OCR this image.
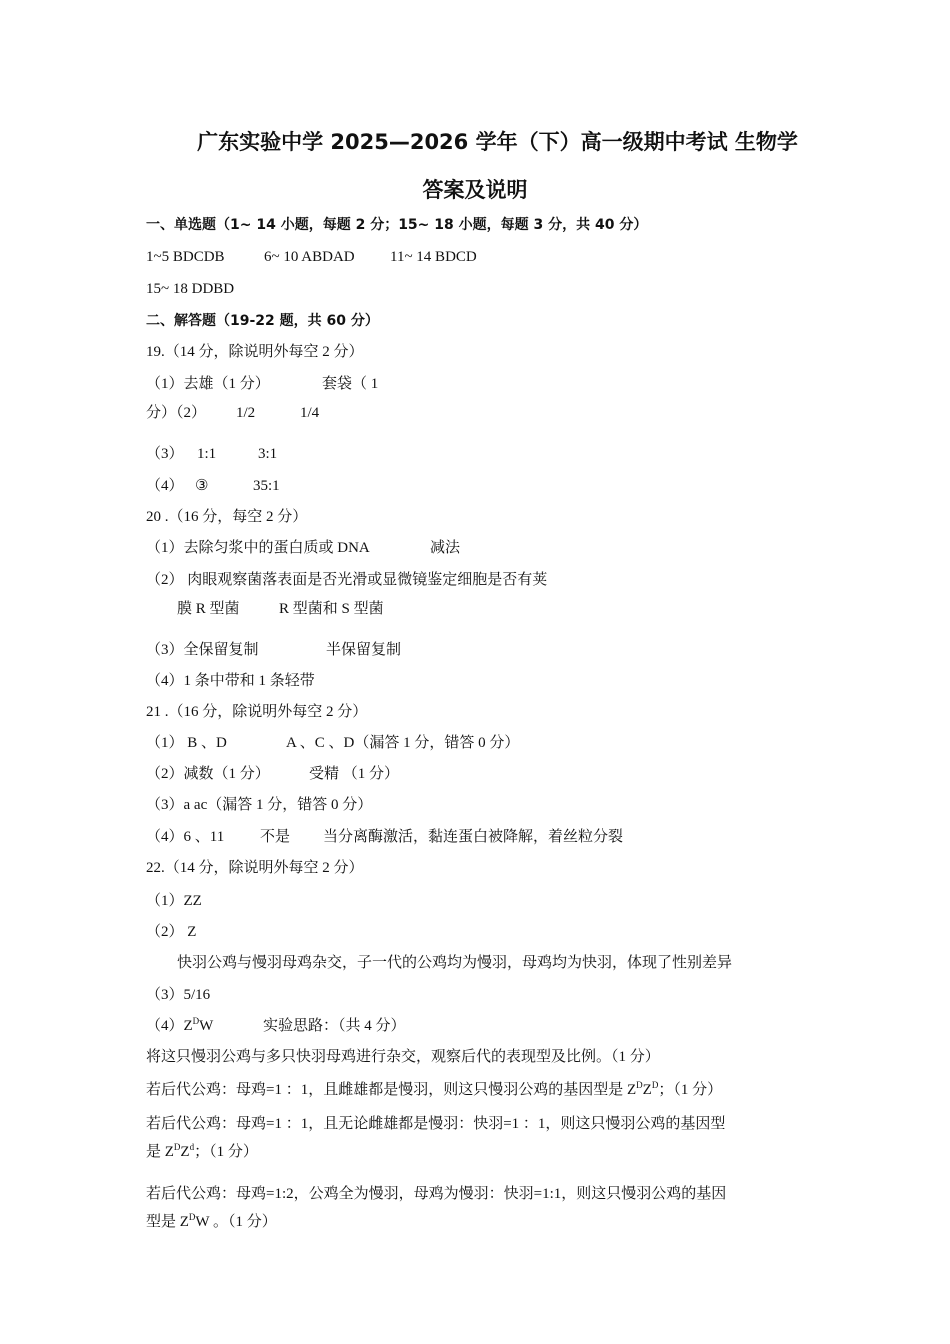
广东实验中学 2025—2026 学年（下）高一级期中考试 生物学
答案及说明
一、单选题（1~ 14 小题，每题 2 分；15~ 18 小题，每题 3 分，共 40 分）
1~5 BDCDB	6~ 10 ABDAD 11~ 14 BDCD
15~ 18 DDBD
二、解答题（19-22 题，共 60 分）
19.（14 分，除说明外每空 2 分）
（1）去雄（1 分）	套袋（ 1
分）（2） 1/2	1/4
（3） 1:1	3:1
（4） ③	35:1
20 .（16 分，每空 2 分）
（1）去除匀浆中的蛋白质或 DNA	减法
（2） 肉眼观察菌落表面是否光滑或显微镜鉴定细胞是否有荚
膜 R 型菌	R 型菌和 S 型菌
（3）全保留复制	半保留复制
（4）1 条中带和 1 条轻带
21 .（16 分，除说明外每空 2 分）
（1） B 、D	A 、C 、D（漏答 1 分，错答 0 分）
（2）减数（1 分）	受精 （1 分）
（3）a ac（漏答 1 分，错答 0 分）
（4）6 、11 不是 当分离酶激活，黏连蛋白被降解，着丝粒分裂
22.（14 分，除说明外每空 2 分）
（1）ZZ
（2） Z
快羽公鸡与慢羽母鸡杂交，子一代的公鸡均为慢羽，母鸡均为快羽，体现了性别差异
（3）5/16
$(4)Z^DW$	实验思路：（共 4 分）
将这只慢羽公鸡与多只快羽母鸡进行杂交，观察后代的表现型及比例。（1 分）
若后代公鸡：母鸡=1 ：1，且雌雄都是慢羽，则这只慢羽公鸡的基因型是 $Z^DZ^D$；（1 分）
若后代公鸡：母鸡=1 ：1，且无论雌雄都是慢羽：快羽=1 ：1，则这只慢羽公鸡的基因型
是 $Z^DZ^d$；（1 分）
若后代公鸡：母鸡=1:2，公鸡全为慢羽，母鸡为慢羽：快羽=1:1，则这只慢羽公鸡的基因
型是 $Z^DW$ 。（1 分）
